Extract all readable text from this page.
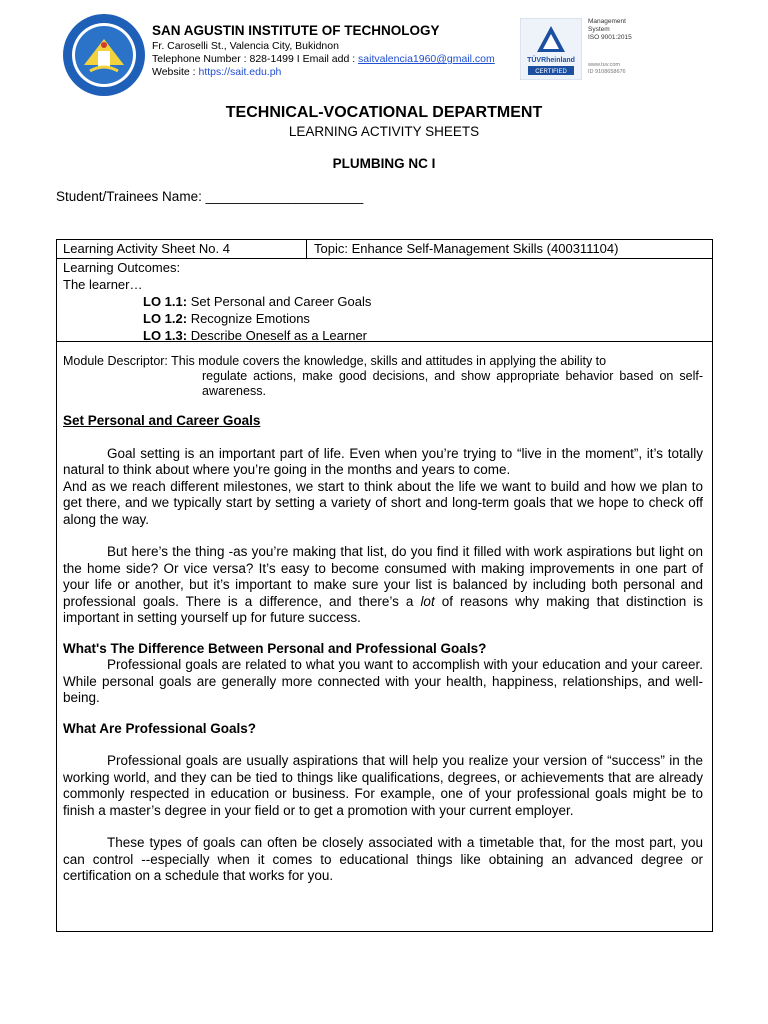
SAN AGUSTIN INSTITUTE OF TECHNOLOGY
Fr. Caroselli St., Valencia City, Bukidnon
Telephone Number : 828-1499 I Email add : saitvalencia1960@gmail.com
Website : https://sait.edu.ph
TÜVRheinland
CERTIFIED
Management
System
ISO 9001:2015
www.tuv.com
ID 9108658676
TECHNICAL-VOCATIONAL DEPARTMENT
LEARNING ACTIVITY SHEETS
PLUMBING NC I
Student/Trainees Name: _____________________
Learning Activity Sheet No. 4	Topic: Enhance Self-Management Skills (400311104)
Learning Outcomes:
The learner…
LO 1.1: Set Personal and Career Goals
LO 1.2: Recognize Emotions
LO 1.3: Describe Oneself as a Learner
Module Descriptor: This module covers the knowledge, skills and attitudes in applying the ability to
regulate actions, make good decisions, and show appropriate behavior based on self-awareness.
Set Personal and Career Goals

Goal setting is an important part of life. Even when you’re trying to “live in the moment”, it’s totally natural to think about where you’re going in the months and years to come.

And as we reach different milestones, we start to think about the life we want to build and how we plan to get there, and we typically start by setting a variety of short and long-term goals that we hope to check off along the way.

But here’s the thing -as you’re making that list, do you find it filled with work aspirations but light on the home side? Or vice versa? It’s easy to become consumed with making improvements in one part of your life or another, but it’s important to make sure your list is balanced by including both personal and professional goals. There is a difference, and there’s a lot of reasons why making that distinction is important in setting yourself up for future success.

What's The Difference Between Personal and Professional Goals?

Professional goals are related to what you want to accomplish with your education and your career. While personal goals are generally more connected with your health, happiness, relationships, and well-being.

What Are Professional Goals?

Professional goals are usually aspirations that will help you realize your version of “success” in the working world, and they can be tied to things like qualifications, degrees, or achievements that are already commonly respected in education or business. For example, one of your professional goals might be to finish a master’s degree in your field or to get a promotion with your current employer.

These types of goals can often be closely associated with a timetable that, for the most part, you can control --especially when it comes to educational things like obtaining an advanced degree or certification on a schedule that works for you.
